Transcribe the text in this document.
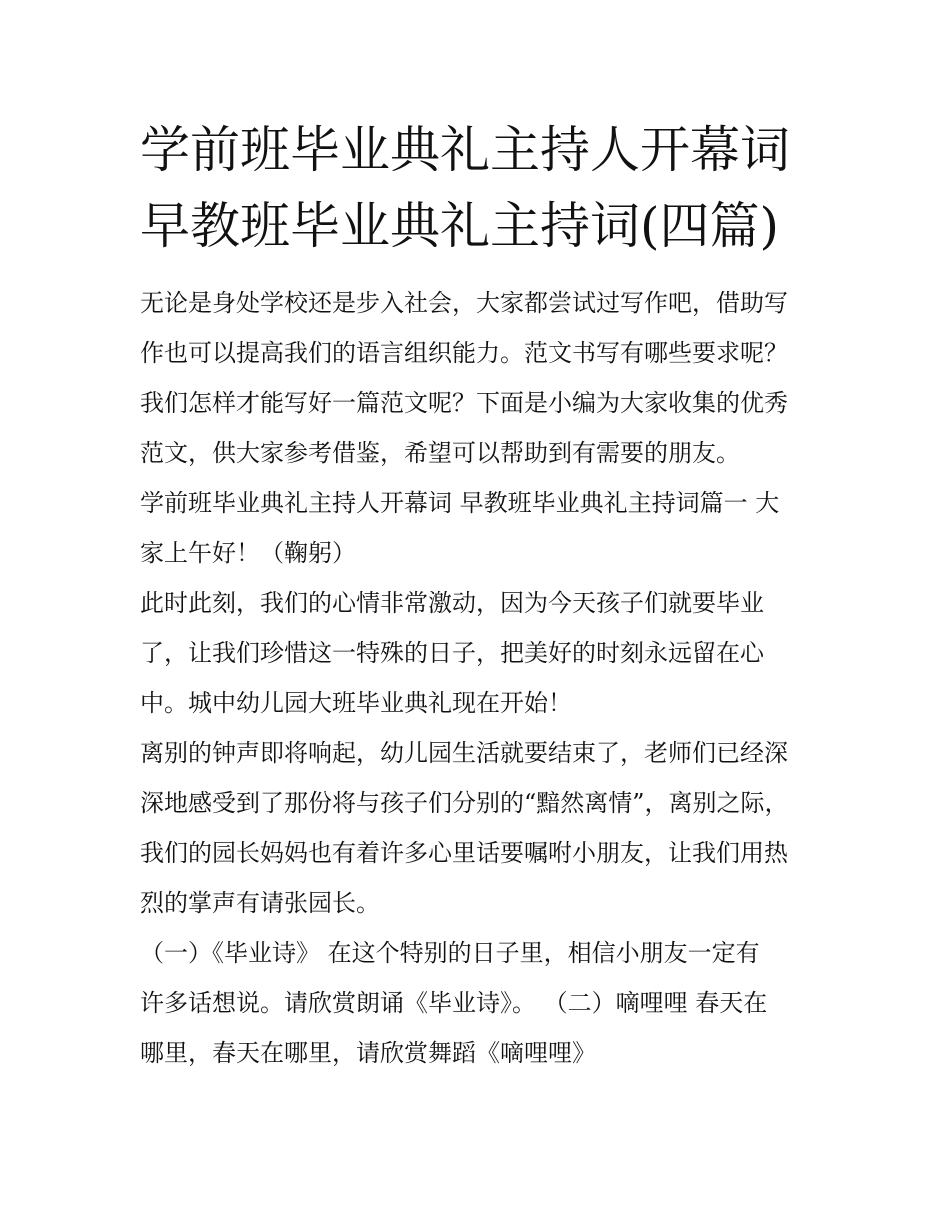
学前班毕业典礼主持人开幕词
早教班毕业典礼主持词(四篇)

无论是身处学校还是步入社会，大家都尝试过写作吧，借助写

作也可以提高我们的语言组织能力。范文书写有哪些要求呢？

我们怎样才能写好一篇范文呢？下面是小编为大家收集的优秀

范文，供大家参考借鉴，希望可以帮助到有需要的朋友。

学前班毕业典礼主持人开幕词 早教班毕业典礼主持词篇一 大

家上午好！（鞠躬）

此时此刻，我们的心情非常激动，因为今天孩子们就要毕业

了，让我们珍惜这一特殊的日子，把美好的时刻永远留在心

中。城中幼儿园大班毕业典礼现在开始！

离别的钟声即将响起，幼儿园生活就要结束了，老师们已经深

深地感受到了那份将与孩子们分别的“黯然离情”，离别之际，

我们的园长妈妈也有着许多心里话要嘱咐小朋友，让我们用热

烈的掌声有请张园长。

（一）《毕业诗》 在这个特别的日子里，相信小朋友一定有

许多话想说。请欣赏朗诵《毕业诗》。 （二）嘀哩哩 春天在

哪里，春天在哪里，请欣赏舞蹈《嘀哩哩》
